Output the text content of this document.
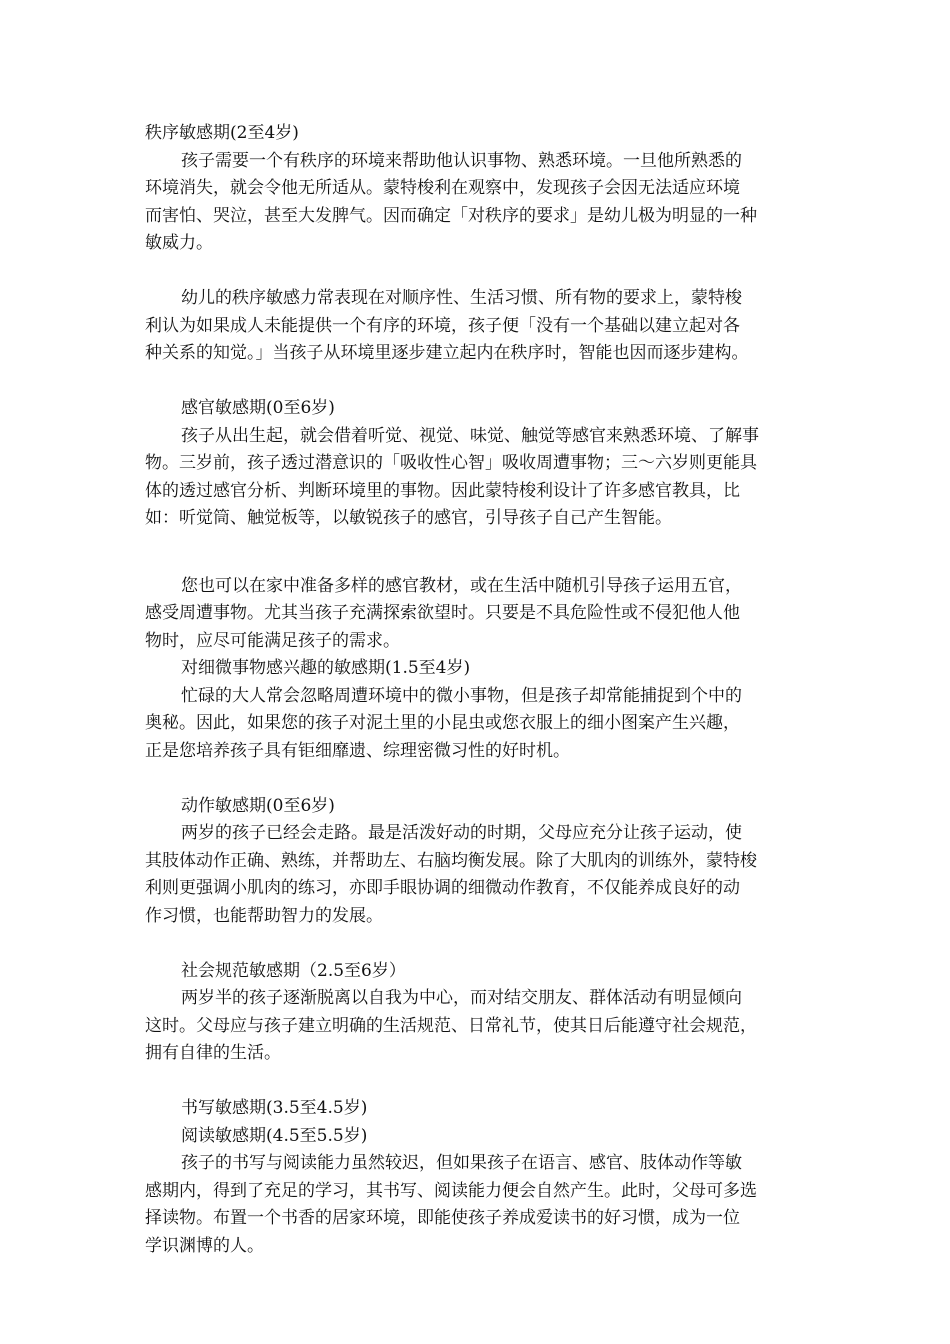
秩序敏感期(2至4岁)
孩子需要一个有秩序的环境来帮助他认识事物、熟悉环境。一旦他所熟悉的
环境消失，就会令他无所适从。蒙特梭利在观察中，发现孩子会因无法适应环境
而害怕、哭泣，甚至大发脾气。因而确定「对秩序的要求」是幼儿极为明显的一种
敏威力。
幼儿的秩序敏感力常表现在对顺序性、生活习惯、所有物的要求上，蒙特梭
利认为如果成人未能提供一个有序的环境，孩子便「没有一个基础以建立起对各
种关系的知觉。」当孩子从环境里逐步建立起内在秩序时，智能也因而逐步建构。
感官敏感期(0至6岁)
孩子从出生起，就会借着听觉、视觉、味觉、触觉等感官来熟悉环境、了解事
物。三岁前，孩子透过潜意识的「吸收性心智」吸收周遭事物；三～六岁则更能具
体的透过感官分析、判断环境里的事物。因此蒙特梭利设计了许多感官教具，比
如：听觉筒、触觉板等，以敏锐孩子的感官，引导孩子自己产生智能。
您也可以在家中准备多样的感官教材，或在生活中随机引导孩子运用五官，
感受周遭事物。尤其当孩子充满探索欲望时。只要是不具危险性或不侵犯他人他
物时，应尽可能满足孩子的需求。
对细微事物感兴趣的敏感期(1.5至4岁)
忙碌的大人常会忽略周遭环境中的微小事物，但是孩子却常能捕捉到个中的
奥秘。因此，如果您的孩子对泥土里的小昆虫或您衣服上的细小图案产生兴趣，
正是您培养孩子具有钜细靡遗、综理密微习性的好时机。
动作敏感期(0至6岁)
两岁的孩子已经会走路。最是活泼好动的时期，父母应充分让孩子运动，使
其肢体动作正确、熟练，并帮助左、右脑均衡发展。除了大肌肉的训练外，蒙特梭
利则更强调小肌肉的练习，亦即手眼协调的细微动作教育，不仅能养成良好的动
作习惯，也能帮助智力的发展。
社会规范敏感期（2.5至6岁）
两岁半的孩子逐渐脱离以自我为中心，而对结交朋友、群体活动有明显倾向
这时。父母应与孩子建立明确的生活规范、日常礼节，使其日后能遵守社会规范，
拥有自律的生活。
书写敏感期(3.5至4.5岁)
阅读敏感期(4.5至5.5岁)
孩子的书写与阅读能力虽然较迟，但如果孩子在语言、感官、肢体动作等敏
感期内，得到了充足的学习，其书写、阅读能力便会自然产生。此时，父母可多选
择读物。布置一个书香的居家环境，即能使孩子养成爱读书的好习惯，成为一位
学识渊博的人。
